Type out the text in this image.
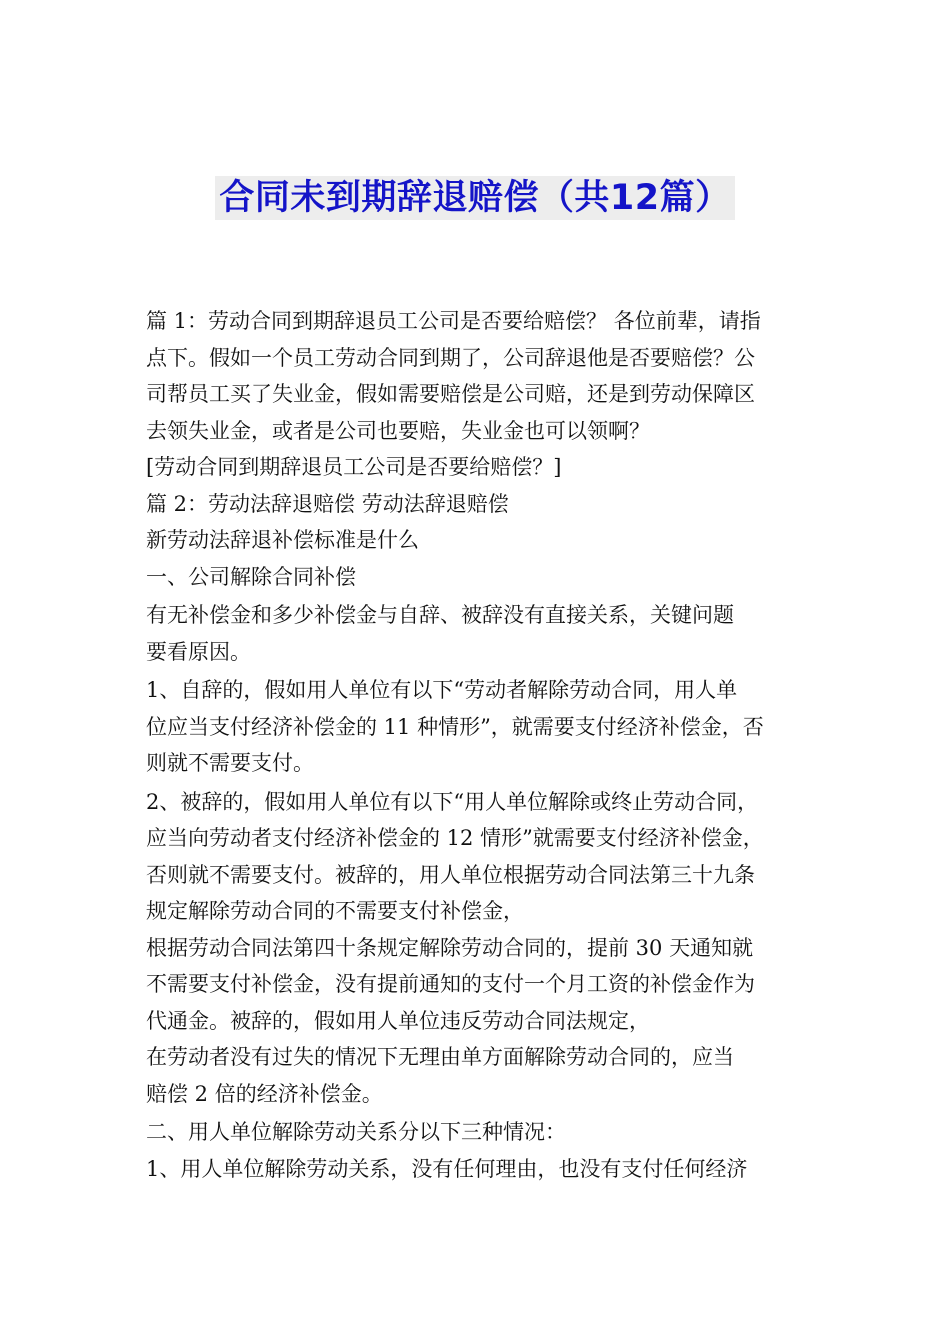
合同未到期辞退赔偿（共12篇）

篇 1：劳动合同到期辞退员工公司是否要给赔偿？ 各位前辈，请指

点下。假如一个员工劳动合同到期了，公司辞退他是否要赔偿？公

司帮员工买了失业金，假如需要赔偿是公司赔，还是到劳动保障区

去领失业金，或者是公司也要赔，失业金也可以领啊？

[劳动合同到期辞退员工公司是否要给赔偿？]

篇 2：劳动法辞退赔偿 劳动法辞退赔偿

新劳动法辞退补偿标准是什么

一、公司解除合同补偿

有无补偿金和多少补偿金与自辞、被辞没有直接关系，关键问题

要看原因。

1、自辞的，假如用人单位有以下“劳动者解除劳动合同，用人单

位应当支付经济补偿金的 11 种情形”，就需要支付经济补偿金，否

则就不需要支付。

2、被辞的，假如用人单位有以下“用人单位解除或终止劳动合同，

应当向劳动者支付经济补偿金的 12 情形”就需要支付经济补偿金，

否则就不需要支付。被辞的，用人单位根据劳动合同法第三十九条

规定解除劳动合同的不需要支付补偿金，

根据劳动合同法第四十条规定解除劳动合同的，提前 30 天通知就

不需要支付补偿金，没有提前通知的支付一个月工资的补偿金作为

代通金。被辞的，假如用人单位违反劳动合同法规定，

在劳动者没有过失的情况下无理由单方面解除劳动合同的，应当

赔偿 2 倍的经济补偿金。

二、用人单位解除劳动关系分以下三种情况：

1、用人单位解除劳动关系，没有任何理由，也没有支付任何经济
